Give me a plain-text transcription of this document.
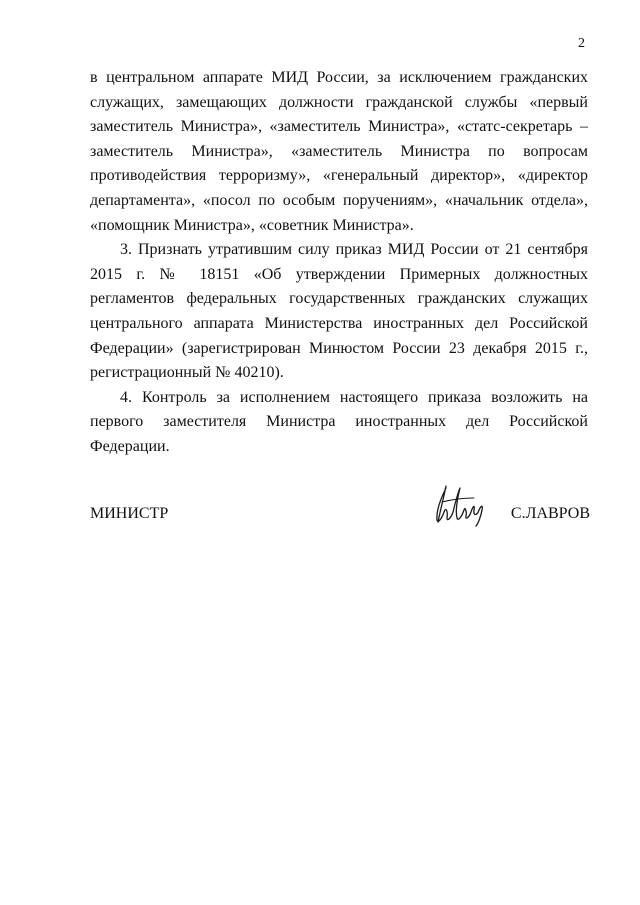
2

в центральном аппарате МИД России, за исключением гражданских служащих, замещающих должности гражданской службы «первый заместитель Министра», «заместитель Министра», «статс-секретарь – заместитель Министра», «заместитель Министра по вопросам противодействия терроризму», «генеральный директор», «директор департамента», «посол по особым поручениям», «начальник отдела», «помощник Министра», «советник Министра».

3. Признать утратившим силу приказ МИД России от 21 сентября 2015 г. № 18151 «Об утверждении Примерных должностных регламентов федеральных государственных гражданских служащих центрального аппарата Министерства иностранных дел Российской Федерации» (зарегистрирован Минюстом России 23 декабря 2015 г., регистрационный № 40210).

4. Контроль за исполнением настоящего приказа возложить на первого заместителя Министра иностранных дел Российской Федерации.

МИНИСТР	С.ЛАВРОВ
